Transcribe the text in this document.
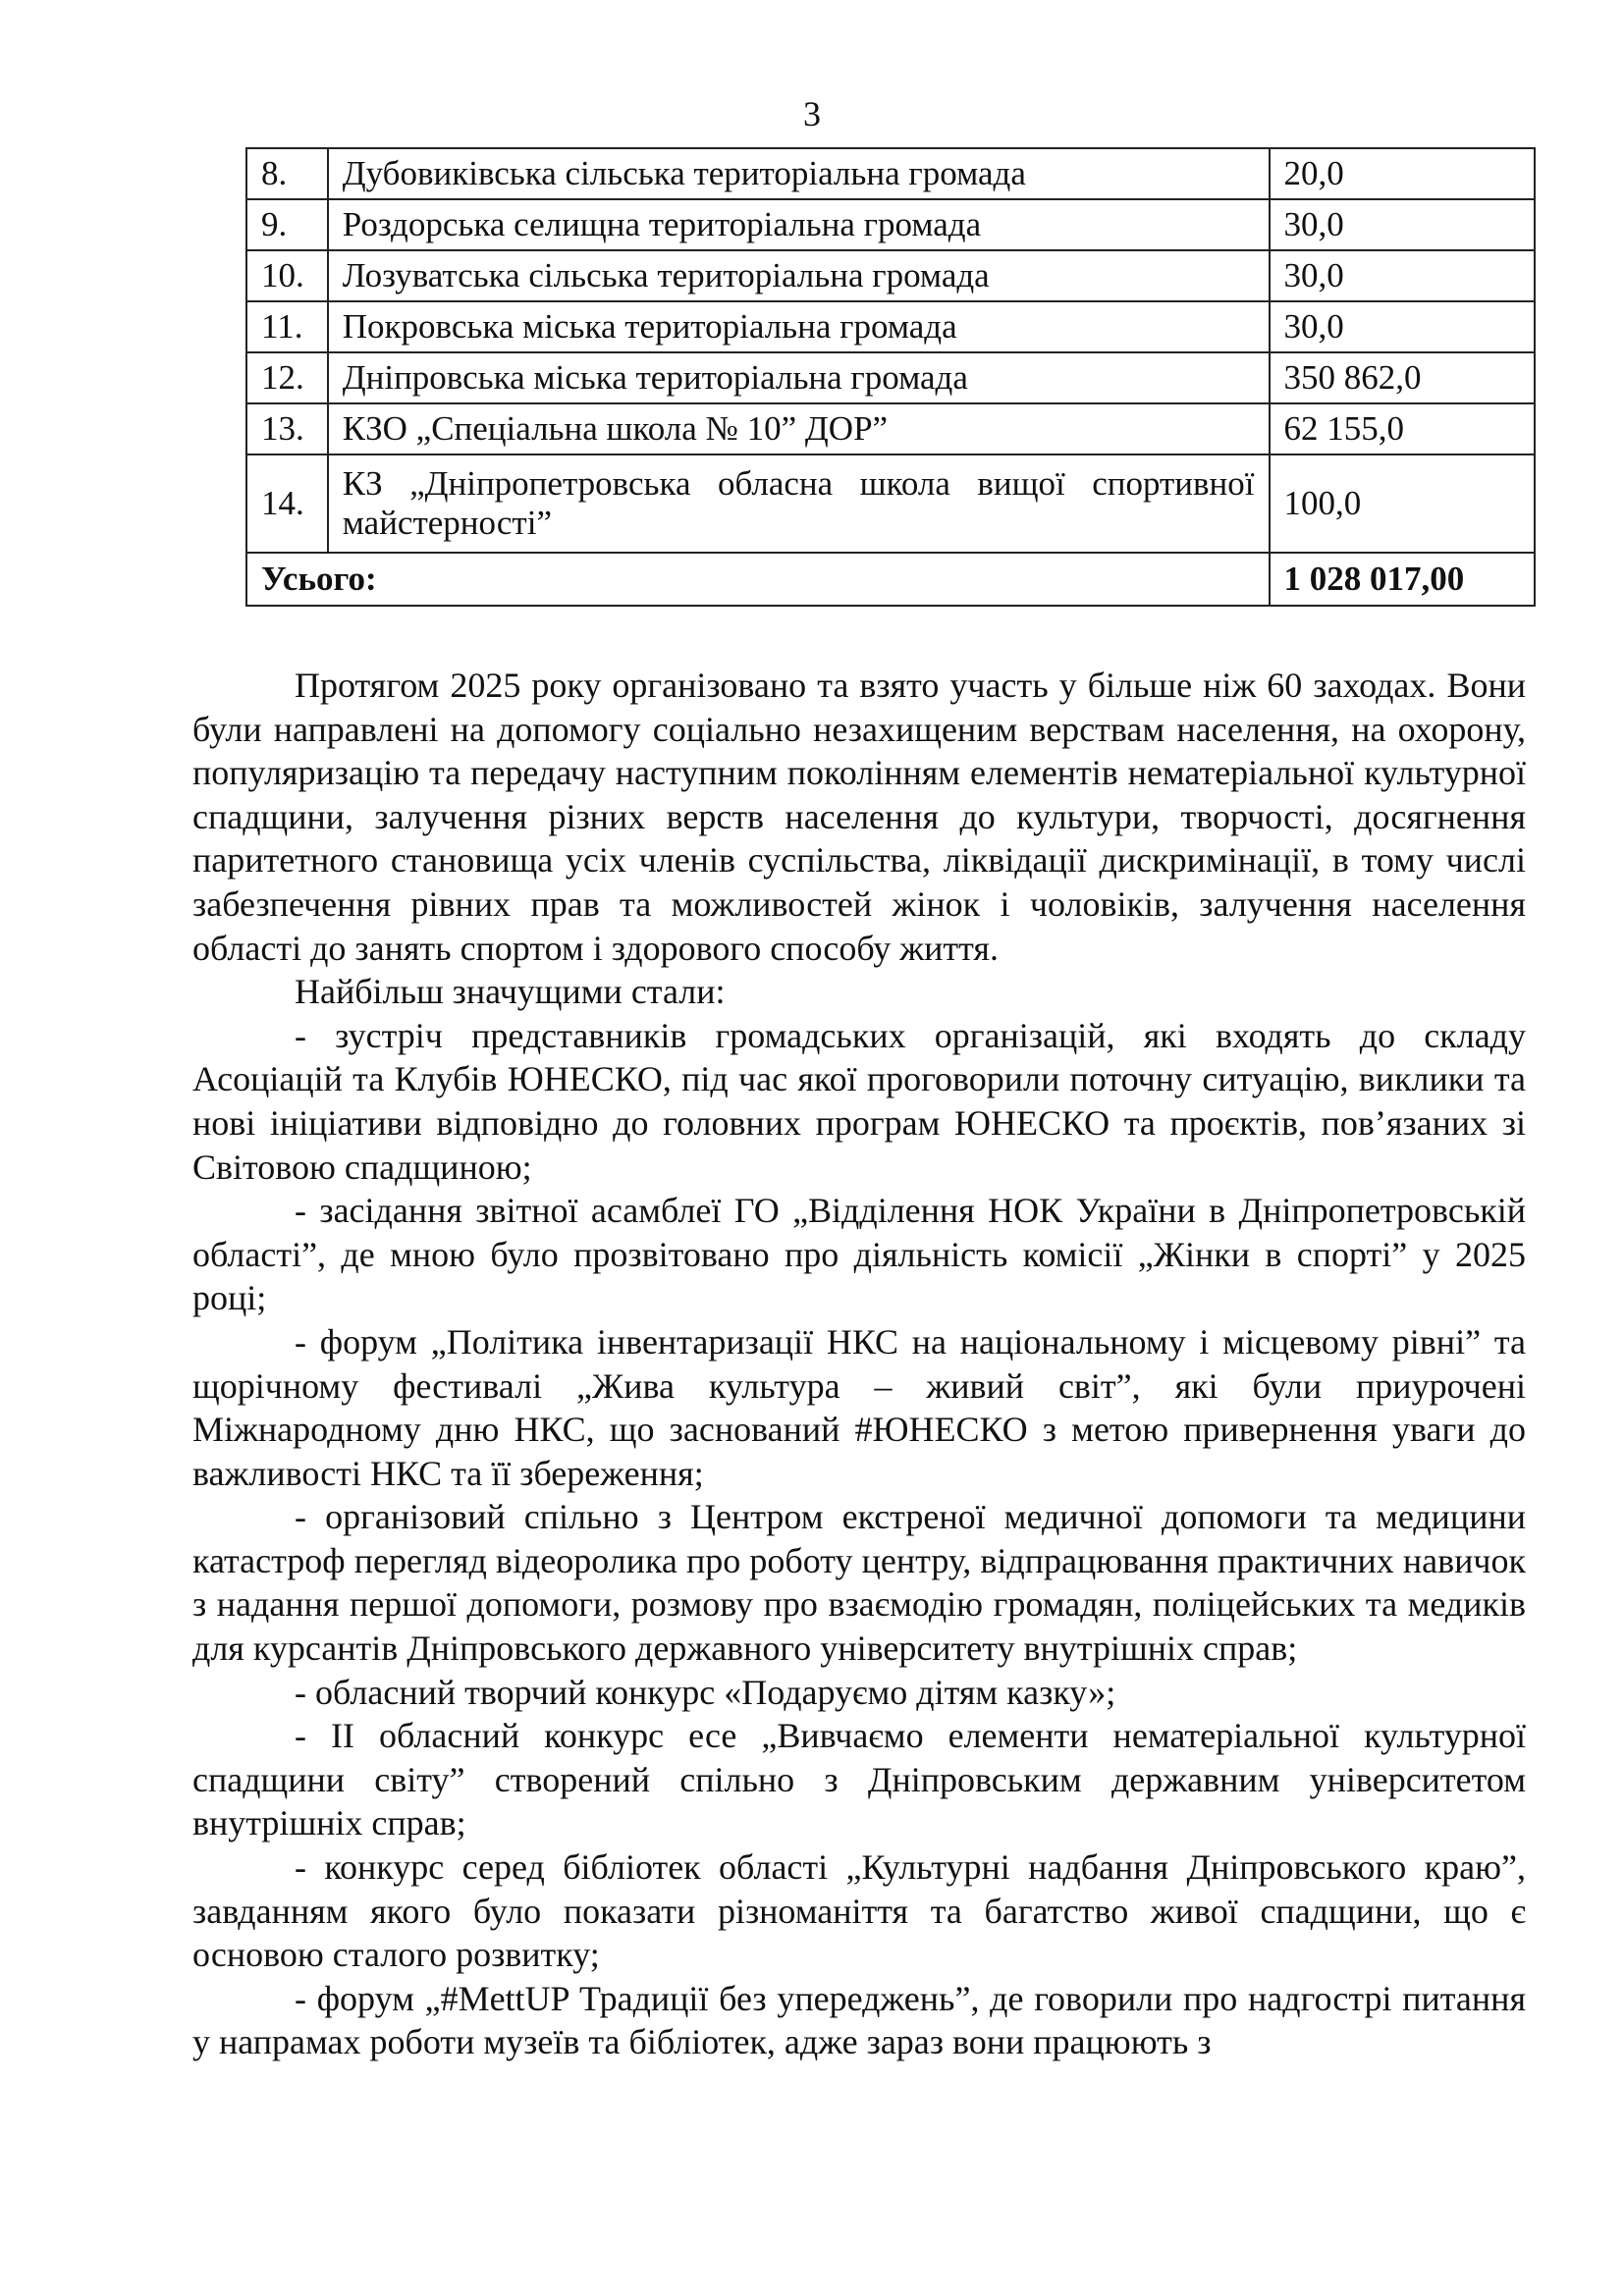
3
8.	Дубовиківська сільська територіальна громада	20,0
9.	Роздорська селищна територіальна громада	30,0
10.	Лозуватська сільська територіальна громада	30,0
11.	Покровська міська територіальна громада	30,0
12.	Дніпровська міська територіальна громада	350 862,0
13.	КЗО „Спеціальна школа № 10” ДОР”	62 155,0
14.	КЗ „Дніпропетровська обласна школа вищої спортивної майстерності”	100,0
Усього:		1 028 017,00

Протягом 2025 року організовано та взято участь у більше ніж 60 заходах. Вони були направлені на допомогу соціально незахищеним верствам населення, на охорону, популяризацію та передачу наступним поколінням елементів нематеріальної культурної спадщини, залучення різних верств населення до культури, творчості, досягнення паритетного становища усіх членів суспільства, ліквідації дискримінації, в тому числі забезпечення рівних прав та можливостей жінок і чоловіків, залучення населення області до занять спортом і здорового способу життя.

Найбільш значущими стали:

- зустріч представників громадських організацій, які входять до складу Асоціацій та Клубів ЮНЕСКО, під час якої проговорили поточну ситуацію, виклики та нові ініціативи відповідно до головних програм ЮНЕСКО та проєктів, пов’язаних зі Світовою спадщиною;

- засідання звітної асамблеї ГО „Відділення НОК України в Дніпропетровській області”, де мною було прозвітовано про діяльність комісії „Жінки в спорті” у 2025 році;

- форум „Політика інвентаризації НКС на національному і місцевому рівні” та щорічному фестивалі „Жива культура – живий світ”, які були приурочені Міжнародному дню НКС, що заснований #ЮНЕСКО з метою привернення уваги до важливості НКС та її збереження;

- організовий спільно з Центром екстреної медичної допомоги та медицини катастроф перегляд відеоролика про роботу центру, відпрацювання практичних навичок з надання першої допомоги, розмову про взаємодію громадян, поліцейських та медиків для курсантів Дніпровського державного університету внутрішніх справ;

- обласний творчий конкурс «Подаруємо дітям казку»;

- ІІ обласний конкурс есе „Вивчаємо елементи нематеріальної культурної спадщини світу” створений спільно з Дніпровським державним університетом внутрішніх справ;

- конкурс серед бібліотек області „Культурні надбання Дніпровського краю”, завданням якого було показати різноманіття та багатство живої спадщини, що є основою сталого розвитку;

- форум „#MettUP Традиції без упереджень”, де говорили про надгострі питання у напрамах роботи музеїв та бібліотек, адже зараз вони працюють з
